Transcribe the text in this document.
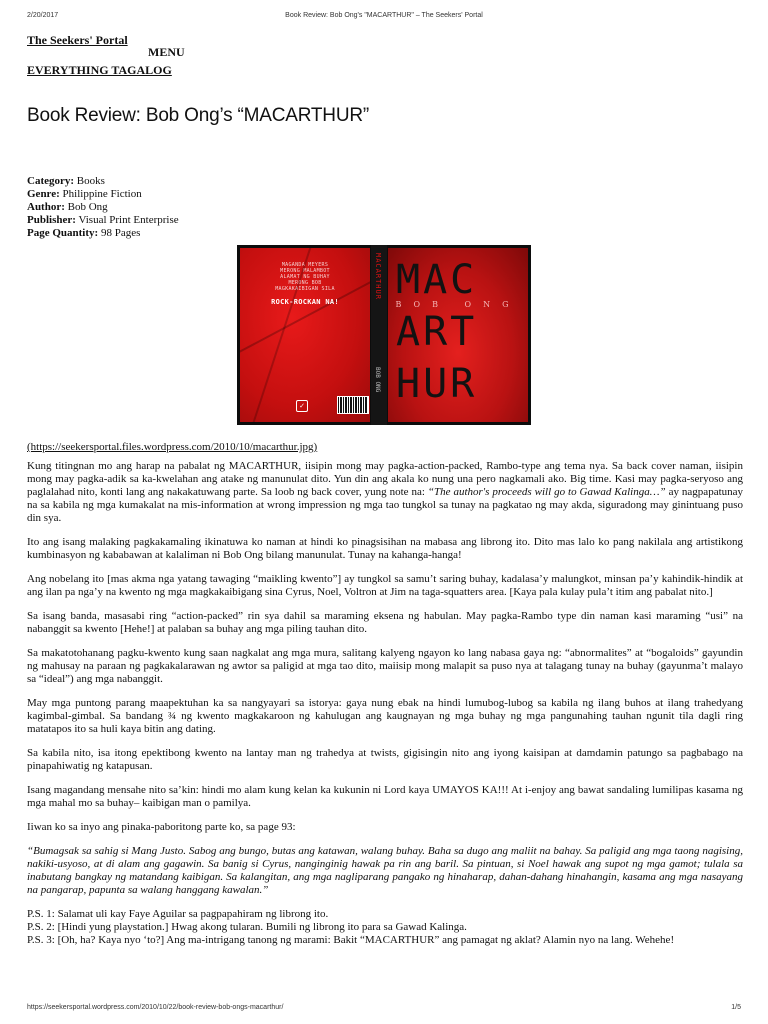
2/20/2017	Book Review: Bob Ong's "MACARTHUR" – The Seekers' Portal
The Seekers' Portal
MENU
EVERYTHING TAGALOG
Book Review: Bob Ong’s “MACARTHUR”
Category: Books
Genre: Philippine Fiction
Author: Bob Ong
Publisher: Visual Print Enterprise
Page Quantity: 98 Pages
MAGANDA MEYERS
MERONG MALAMBOT
ALAMAT NG BUHAY
MERONG BOB
MAGKAKAIBIGAN SILA
ROCK-ROCKAN NA!
✓
MACARTHUR
BOB ONG
MAC ART HUR
BOB ONG
(https://seekersportal.files.wordpress.com/2010/10/macarthur.jpg)

Kung titingnan mo ang harap na pabalat ng MACARTHUR, iisipin mong may pagka-action-packed, Rambo-type ang tema nya. Sa back cover naman, iisipin mong may pagka-adik sa ka-kwelahan ang atake ng manunulat dito. Yun din ang akala ko nung una pero nagkamali ako. Big time. Kasi may pagka-seryoso ang paglalahad nito, konti lang ang nakakatuwang parte. Sa loob ng back cover, yung note na: “The author's proceeds will go to Gawad Kalinga…” ay nagpapatunay na sa kabila ng mga kumakalat na mis-information at wrong impression ng mga tao tungkol sa tunay na pagkatao ng may akda, siguradong may ginintuang puso din sya.

Ito ang isang malaking pagkakamaling ikinatuwa ko naman at hindi ko pinagsisihan na mabasa ang librong ito. Dito mas lalo ko pang nakilala ang artistikong kumbinasyon ng kababawan at kalaliman ni Bob Ong bilang manunulat. Tunay na kahanga-hanga!

Ang nobelang ito [mas akma nga yatang tawaging “maikling kwento”] ay tungkol sa samu’t saring buhay, kadalasa’y malungkot, minsan pa’y kahindik-hindik at ang ilan pa nga’y na kwento ng mga magkakaibigang sina Cyrus, Noel, Voltron at Jim na taga-squatters area. [Kaya pala kulay pula’t itim ang pabalat nito.]

Sa isang banda, masasabi ring “action-packed” rin sya dahil sa maraming eksena ng habulan. May pagka-Rambo type din naman kasi maraming “usi” na nabanggit sa kwento [Hehe!] at palaban sa buhay ang mga piling tauhan dito.

Sa makatotohanang pagku-kwento kung saan nagkalat ang mga mura, salitang kalyeng ngayon ko lang nabasa gaya ng: “abnormalites” at “bogaloids” gayundin ng mahusay na paraan ng pagkakalarawan ng awtor sa paligid at mga tao dito, maiisip mong malapit sa puso nya at talagang tunay na buhay (gayunma’t malayo sa “ideal”) ang mga nabanggit.

May mga puntong parang maapektuhan ka sa nangyayari sa istorya: gaya nung ebak na hindi lumubog-lubog sa kabila ng ilang buhos at ilang trahedyang kagimbal-gimbal. Sa bandang ¾ ng kwento magkakaroon ng kahulugan ang kaugnayan ng mga buhay ng mga pangunahing tauhan ngunit tila dagli ring matatapos ito sa huli kaya bitin ang dating.

Sa kabila nito, isa itong epektibong kwento na lantay man ng trahedya at twists, gigisingin nito ang iyong kaisipan at damdamin patungo sa pagbabago na pinapahiwatig ng katapusan.

Isang magandang mensahe nito sa’kin: hindi mo alam kung kelan ka kukunin ni Lord kaya UMAYOS KA!!! At i-enjoy ang bawat sandaling lumilipas kasama ng mga mahal mo sa buhay– kaibigan man o pamilya.

Iiwan ko sa inyo ang pinaka-paboritong parte ko, sa page 93:

“Bumagsak sa sahig si Mang Justo. Sabog ang bungo, butas ang katawan, walang buhay. Baha sa dugo ang maliit na bahay. Sa paligid ang mga taong nagising, nakiki-usyoso, at di alam ang gagawin. Sa banig si Cyrus, nanginginig hawak pa rin ang baril. Sa pintuan, si Noel hawak ang supot ng mga gamot; tulala sa inabutang bangkay ng matandang kaibigan. Sa kalangitan, ang mga nagliparang pangako ng hinaharap, dahan-dahang hinahangin, kasama ang mga nasayang na pangarap, papunta sa walang hanggang kawalan.”

P.S. 1: Salamat uli kay Faye Aguilar sa pagpapahiram ng librong ito.

P.S. 2: [Hindi yung playstation.] Hwag akong tularan. Bumili ng librong ito para sa Gawad Kalinga.

P.S. 3: [Oh, ha? Kaya nyo ‘to?] Ang ma-intrigang tanong ng marami: Bakit “MACARTHUR” ang pamagat ng aklat? Alamin nyo na lang. Wehehe!

https://seekersportal.wordpress.com/2010/10/22/book-review-bob-ongs-macarthur/	1/5
